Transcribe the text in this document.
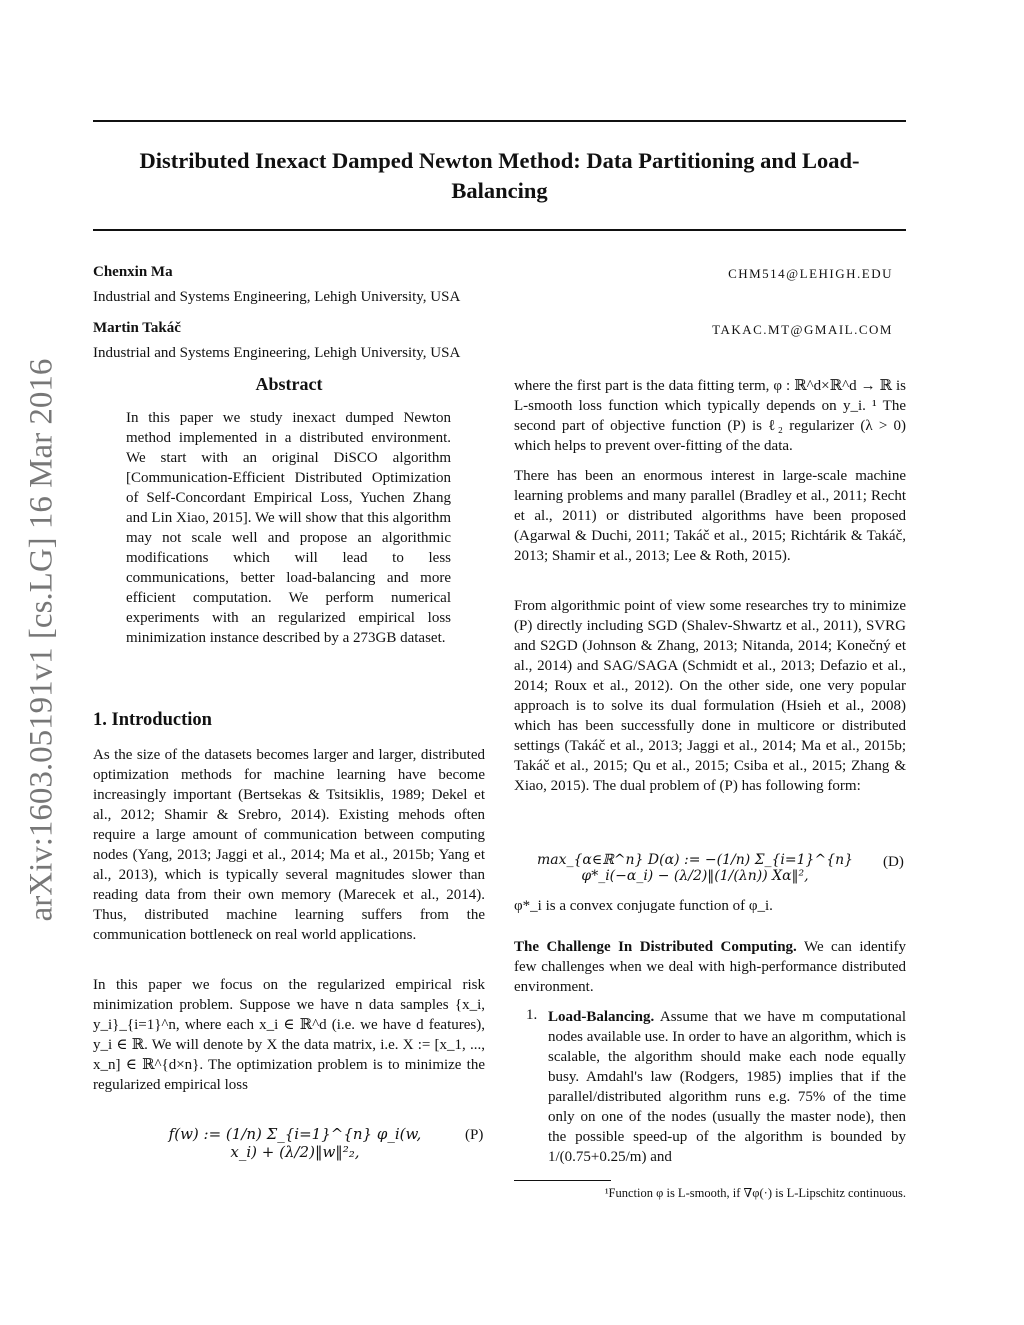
arXiv:1603.05191v1 [cs.LG] 16 Mar 2016
Distributed Inexact Damped Newton Method: Data Partitioning and Load-Balancing
Chenxin Ma	CHM514@LEHIGH.EDU
Industrial and Systems Engineering, Lehigh University, USA
Martin Takáč	TAKAC.MT@GMAIL.COM
Industrial and Systems Engineering, Lehigh University, USA
Abstract

In this paper we study inexact dumped Newton method implemented in a distributed environment. We start with an original DiSCO algorithm [Communication-Efficient Distributed Optimization of Self-Concordant Empirical Loss, Yuchen Zhang and Lin Xiao, 2015]. We will show that this algorithm may not scale well and propose an algorithmic modifications which will lead to less communications, better load-balancing and more efficient computation. We perform numerical experiments with an regularized empirical loss minimization instance described by a 273GB dataset.

1. Introduction

As the size of the datasets becomes larger and larger, distributed optimization methods for machine learning have become increasingly important (Bertsekas & Tsitsiklis, 1989; Dekel et al., 2012; Shamir & Srebro, 2014). Existing mehods often require a large amount of communication between computing nodes (Yang, 2013; Jaggi et al., 2014; Ma et al., 2015b; Yang et al., 2013), which is typically several magnitudes slower than reading data from their own memory (Marecek et al., 2014). Thus, distributed machine learning suffers from the communication bottleneck on real world applications.

In this paper we focus on the regularized empirical risk minimization problem. Suppose we have n data samples {x_i, y_i}_{i=1}^n, where each x_i ∈ ℝ^d (i.e. we have d features), y_i ∈ ℝ. We will denote by X the data matrix, i.e. X := [x_1, ..., x_n] ∈ ℝ^{d×n}. The optimization problem is to minimize the regularized empirical loss

f(w) := (1/n) Σ_{i=1}^{n} φ_i(w, x_i) + (λ/2)‖w‖²₂,
(P)

where the first part is the data fitting term, φ : ℝ^d×ℝ^d → ℝ is L-smooth loss function which typically depends on y_i. ¹ The second part of objective function (P) is ℓ₂ regularizer (λ > 0) which helps to prevent over-fitting of the data.

There has been an enormous interest in large-scale machine learning problems and many parallel (Bradley et al., 2011; Recht et al., 2011) or distributed algorithms have been proposed (Agarwal & Duchi, 2011; Takáč et al., 2015; Richtárik & Takáč, 2013; Shamir et al., 2013; Lee & Roth, 2015).

From algorithmic point of view some researches try to minimize (P) directly including SGD (Shalev-Shwartz et al., 2011), SVRG and S2GD (Johnson & Zhang, 2013; Nitanda, 2014; Konečný et al., 2014) and SAG/SAGA (Schmidt et al., 2013; Defazio et al., 2014; Roux et al., 2012). On the other side, one very popular approach is to solve its dual formulation (Hsieh et al., 2008) which has been successfully done in multicore or distributed settings (Takáč et al., 2013; Jaggi et al., 2014; Ma et al., 2015b; Takáč et al., 2015; Qu et al., 2015; Csiba et al., 2015; Zhang & Xiao, 2015). The dual problem of (P) has following form:

max_{α∈ℝ^n} D(α) := −(1/n) Σ_{i=1}^{n} φ*_i(−α_i) − (λ/2)‖(1/(λn)) Xα‖²,
(D)

φ*_i is a convex conjugate function of φ_i.

The Challenge In Distributed Computing. We can identify few challenges when we deal with high-performance distributed environment.

1. Load-Balancing. Assume that we have m computational nodes available use. In order to have an algorithm, which is scalable, the algorithm should make each node equally busy. Amdahl's law (Rodgers, 1985) implies that if the parallel/distributed algorithm runs e.g. 75% of the time only on one of the nodes (usually the master node), then the possible speed-up of the algorithm is bounded by 1/(0.75+0.25/m) and

¹Function φ is L-smooth, if ∇φ(·) is L-Lipschitz continuous.
